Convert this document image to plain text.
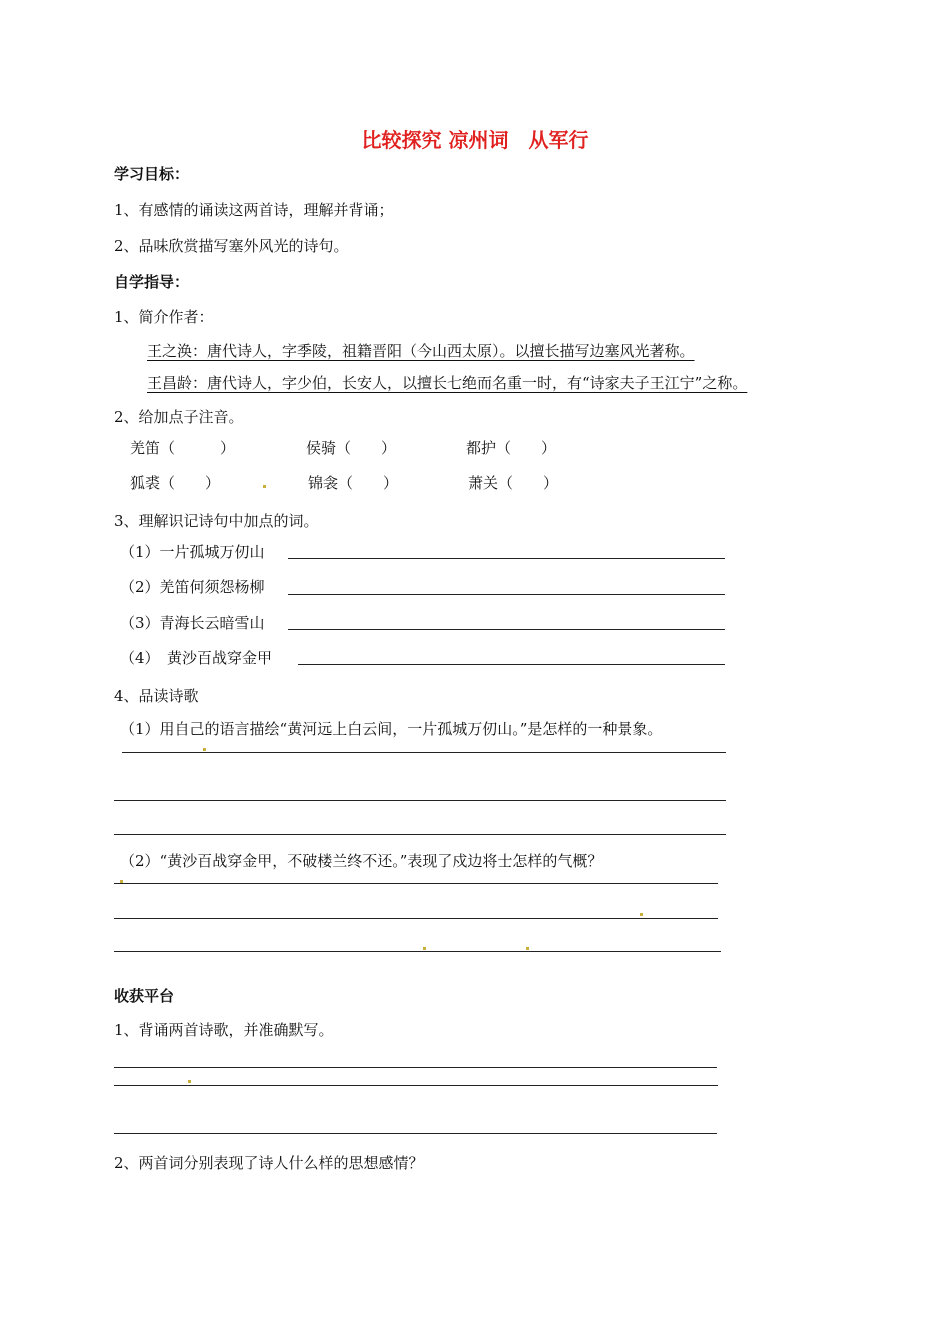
比较探究 凉州词　从军行
学习目标：
1、有感情的诵读这两首诗，理解并背诵；
2、品味欣赏描写塞外风光的诗句。
自学指导：
1、简介作者：
王之涣：唐代诗人，字季陵，祖籍晋阳（今山西太原）。以擅长描写边塞风光著称。
王昌龄：唐代诗人，字少伯，长安人，以擅长七绝而名重一时，有“诗家夫子王江宁”之称。
2、给加点子注音。
羌笛（　　　）	侯骑（　　）	都护（　　）
狐裘（　　）	锦衾（　　）	萧关（　　）
3、理解识记诗句中加点的词。
（1）一片孤城万仞山
（2）羌笛何须怨杨柳
（3）青海长云暗雪山
（4）　黄沙百战穿金甲
4、品读诗歌
（1）用自己的语言描绘“黄河远上白云间，一片孤城万仞山。”是怎样的一种景象。
（2）“黄沙百战穿金甲，不破楼兰终不还。”表现了戍边将士怎样的气概？
收获平台
1、背诵两首诗歌，并准确默写。
2、两首词分别表现了诗人什么样的思想感情？
